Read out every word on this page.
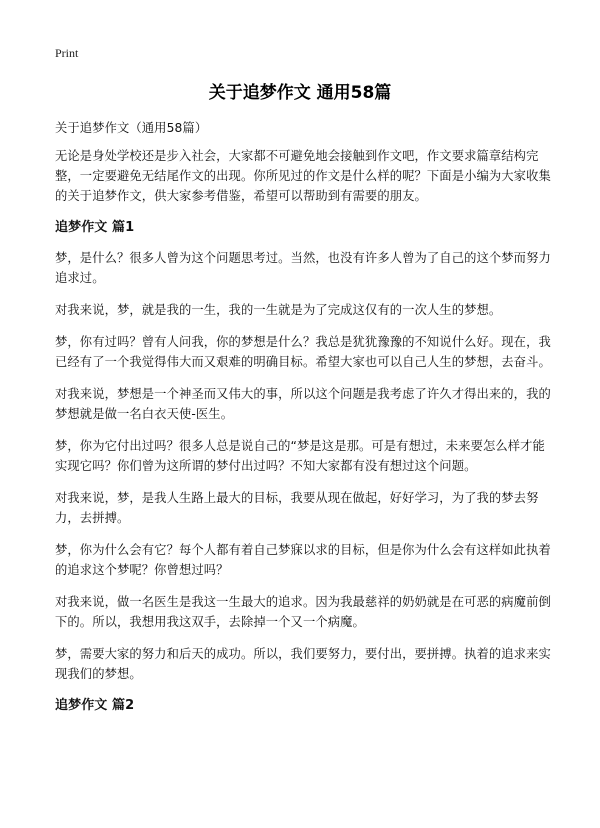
Print
关于追梦作文 通用58篇

关于追梦作文（通用58篇）

无论是身处学校还是步入社会，大家都不可避免地会接触到作文吧，作文要求篇章结构完整，一定要避免无结尾作文的出现。你所见过的作文是什么样的呢？下面是小编为大家收集的关于追梦作文，供大家参考借鉴，希望可以帮助到有需要的朋友。

追梦作文 篇1

梦，是什么？很多人曾为这个问题思考过。当然，也没有许多人曾为了自己的这个梦而努力追求过。

对我来说，梦，就是我的一生，我的一生就是为了完成这仅有的一次人生的梦想。

梦，你有过吗？曾有人问我，你的梦想是什么？我总是犹犹豫豫的不知说什么好。现在，我已经有了一个我觉得伟大而又艰难的明确目标。希望大家也可以自己人生的梦想，去奋斗。

对我来说，梦想是一个神圣而又伟大的事，所以这个问题是我考虑了许久才得出来的，我的梦想就是做一名白衣天使-医生。

梦，你为它付出过吗？很多人总是说自己的“梦是这是那。可是有想过，未来要怎么样才能实现它吗？你们曾为这所谓的梦付出过吗？不知大家都有没有想过这个问题。

对我来说，梦，是我人生路上最大的目标，我要从现在做起，好好学习，为了我的梦去努力，去拼搏。

梦，你为什么会有它？每个人都有着自己梦寐以求的目标，但是你为什么会有这样如此执着的追求这个梦呢？你曾想过吗？

对我来说，做一名医生是我这一生最大的追求。因为我最慈祥的奶奶就是在可恶的病魔前倒下的。所以，我想用我这双手，去除掉一个又一个病魔。

梦，需要大家的努力和后天的成功。所以，我们要努力，要付出，要拼搏。执着的追求来实现我们的梦想。

追梦作文 篇2
